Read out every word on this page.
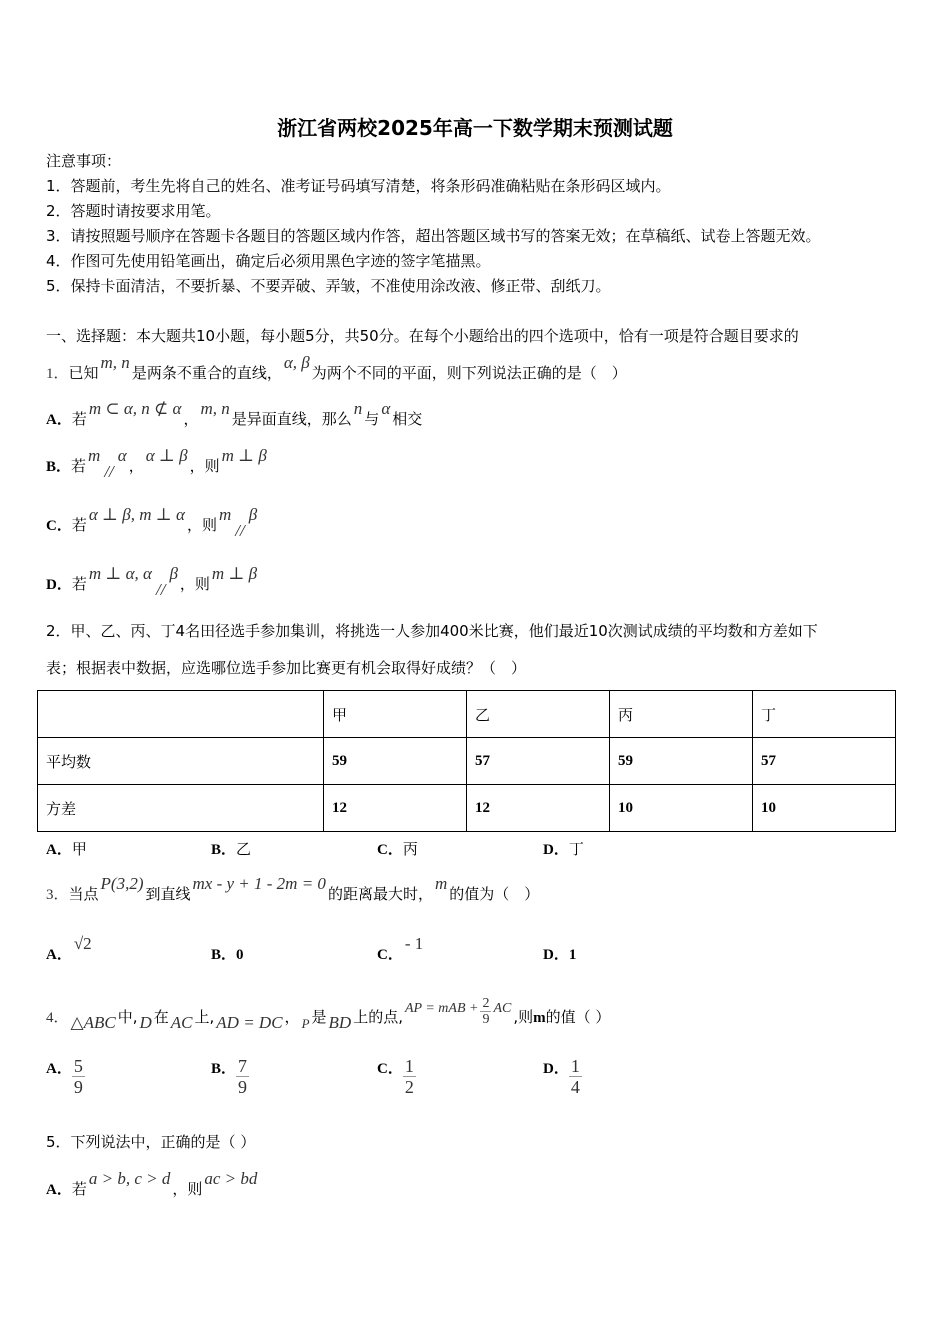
浙江省两校2025年高一下数学期末预测试题
注意事项：
1．答题前，考生先将自己的姓名、准考证号码填写清楚，将条形码准确粘贴在条形码区域内。
2．答题时请按要求用笔。
3．请按照题号顺序在答题卡各题目的答题区域内作答，超出答题区域书写的答案无效；在草稿纸、试卷上答题无效。
4．作图可先使用铅笔画出，确定后必须用黑色字迹的签字笔描黑。
5．保持卡面清洁，不要折暴、不要弄破、弄皱，不准使用涂改液、修正带、刮纸刀。
一、选择题：本大题共10小题，每小题5分，共50分。在每个小题给出的四个选项中，恰有一项是符合题目要求的
1．已知m, n是两条不重合的直线，α, β为两个不同的平面，则下列说法正确的是（　）
A．若m ⊂ α, n ⊄ α，m, n是异面直线，那么n与α相交
B．若m//α，α ⊥ β，则m ⊥ β
C．若α ⊥ β, m ⊥ α，则m//β
D．若m ⊥ α, α//β，则m ⊥ β
2．甲、乙、丙、丁4名田径选手参加集训，将挑选一人参加400米比赛，他们最近10次测试成绩的平均数和方差如下
表；根据表中数据，应选哪位选手参加比赛更有机会取得好成绩？（　）
	甲	乙	丙	丁
平均数	59	57	59	57
方差	12	12	10	10
A．甲	B．乙	C．丙	D．丁
3．当点P(3,2)到直线mx - y + 1 - 2m = 0的距离最大时，m的值为（　）
A．√2
B．0	C．- 1
D．1
4． △ABC 中, D 在 AC 上, AD = DC ， P 是 BD 上的点, AP = mAB + $\frac{2}{9}$ AC ,则m的值（ ）
A． $\frac{5}{9}$	B． $\frac{7}{9}$	C． $\frac{1}{2}$	D． $\frac{1}{4}$
5．下列说法中，正确的是（ ）
A．若a > b, c > d，则ac > bd
